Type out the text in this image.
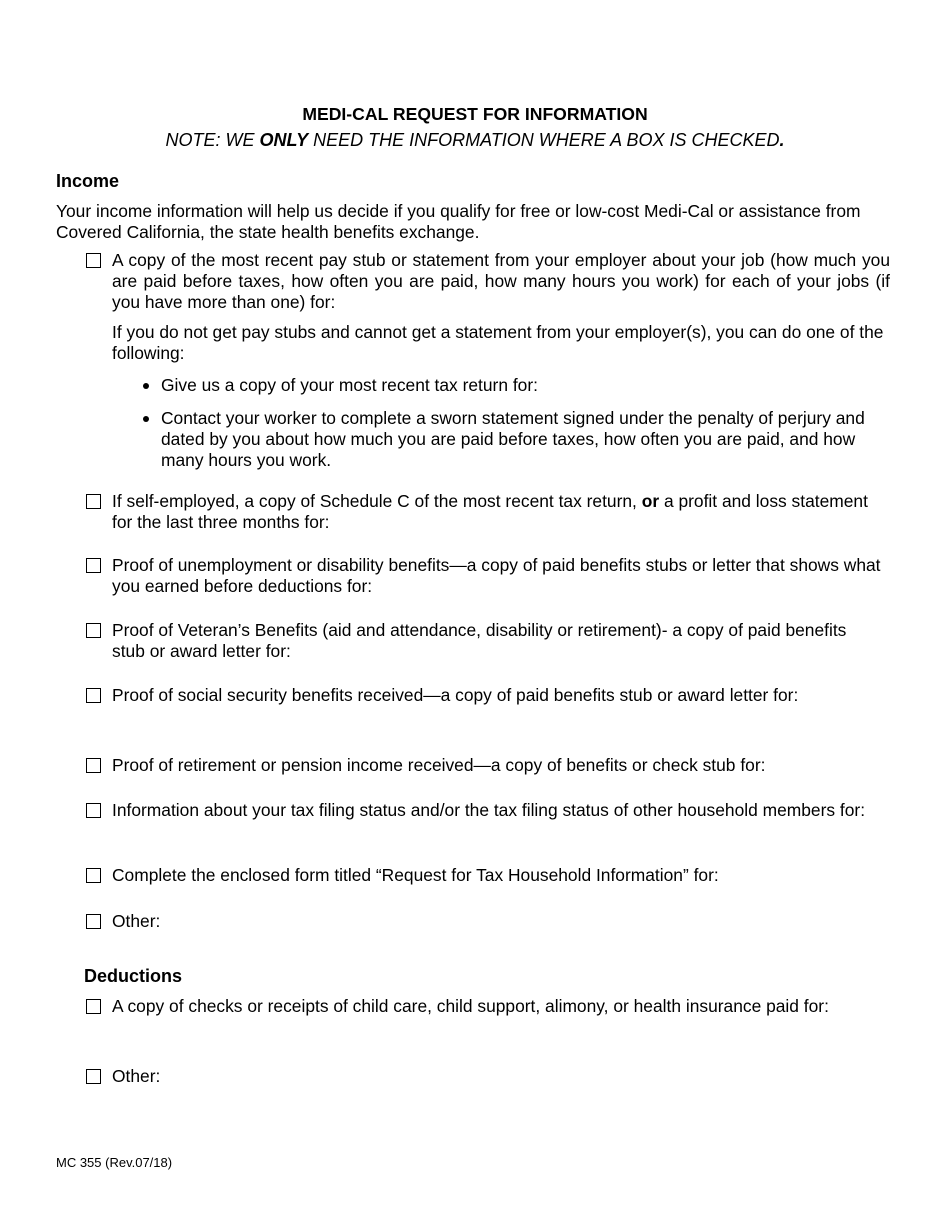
MEDI-CAL REQUEST FOR INFORMATION
NOTE: WE ONLY NEED THE INFORMATION WHERE A BOX IS CHECKED.
Income
Your income information will help us decide if you qualify for free or low-cost Medi-Cal or assistance from Covered California, the state health benefits exchange.
A copy of the most recent pay stub or statement from your employer about your job (how much you are paid before taxes, how often you are paid, how many hours you work) for each of your jobs (if you have more than one) for:
If you do not get pay stubs and cannot get a statement from your employer(s), you can do one of the following:
Give us a copy of your most recent tax return for:
Contact your worker to complete a sworn statement signed under the penalty of perjury and dated by you about how much you are paid before taxes, how often you are paid, and how many hours you work.
If self-employed, a copy of Schedule C of the most recent tax return, or a profit and loss statement for the last three months for:
Proof of unemployment or disability benefits—a copy of paid benefits stubs or letter that shows what you earned before deductions for:
Proof of Veteran’s Benefits (aid and attendance, disability or retirement)- a copy of paid benefits stub or award letter for:
Proof of social security benefits received—a copy of paid benefits stub or award letter for:
Proof of retirement or pension income received—a copy of benefits or check stub for:
Information about your tax filing status and/or the tax filing status of other household members for:
Complete the enclosed form titled “Request for Tax Household Information” for:
Other:
Deductions
A copy of checks or receipts of child care, child support, alimony, or health insurance paid for:
Other:
MC 355 (Rev.07/18)
